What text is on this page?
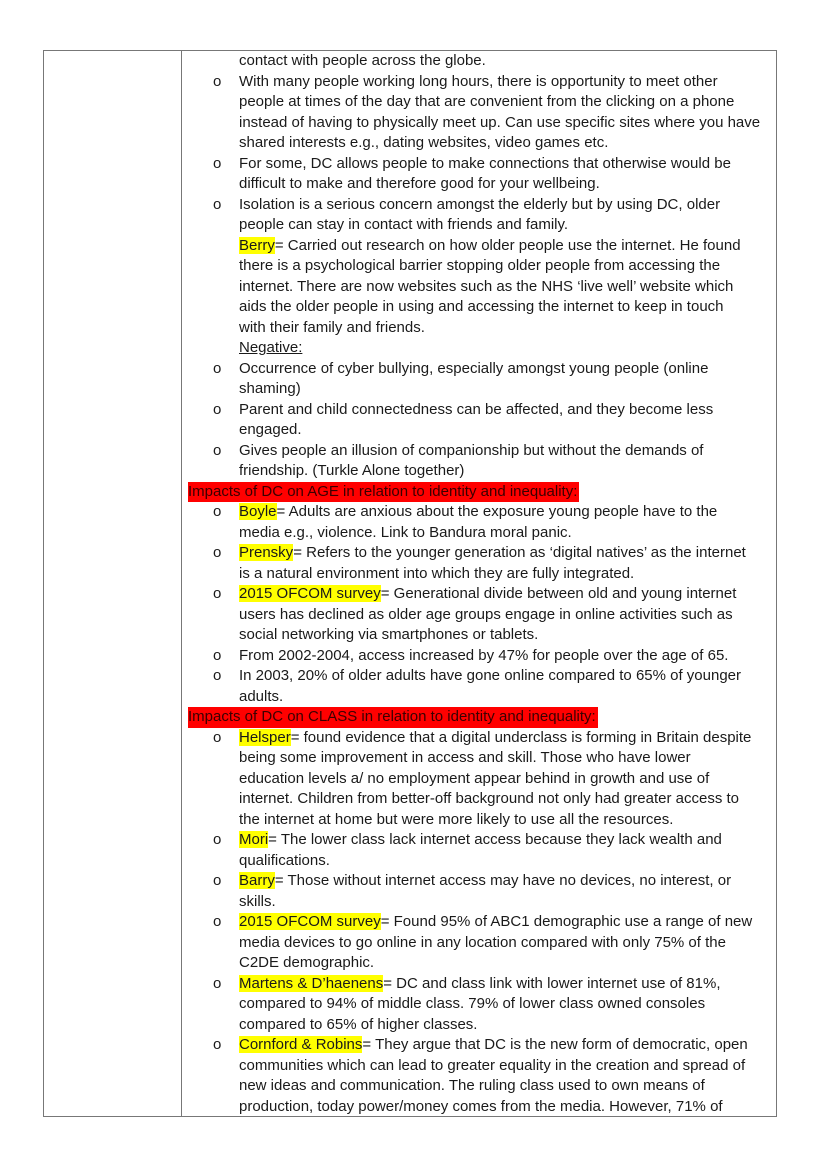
contact with people across the globe.
o With many people working long hours, there is opportunity to meet other
people at times of the day that are convenient from the clicking on a phone
instead of having to physically meet up. Can use specific sites where you have
shared interests e.g., dating websites, video games etc.
o For some, DC allows people to make connections that otherwise would be
difficult to make and therefore good for your wellbeing.
o Isolation is a serious concern amongst the elderly but by using DC, older
people can stay in contact with friends and family.
Berry= Carried out research on how older people use the internet. He found
there is a psychological barrier stopping older people from accessing the
internet. There are now websites such as the NHS ‘live well’ website which
aids the older people in using and accessing the internet to keep in touch
with their family and friends.
Negative:
o Occurrence of cyber bullying, especially amongst young people (online
shaming)
o Parent and child connectedness can be affected, and they become less
engaged.
o Gives people an illusion of companionship but without the demands of
friendship. (Turkle Alone together)
Impacts of DC on AGE in relation to identity and inequality:
o Boyle= Adults are anxious about the exposure young people have to the
media e.g., violence. Link to Bandura moral panic.
o Prensky= Refers to the younger generation as ‘digital natives’ as the internet
is a natural environment into which they are fully integrated.
o 2015 OFCOM survey= Generational divide between old and young internet
users has declined as older age groups engage in online activities such as
social networking via smartphones or tablets.
o From 2002-2004, access increased by 47% for people over the age of 65.
o In 2003, 20% of older adults have gone online compared to 65% of younger
adults.
Impacts of DC on CLASS in relation to identity and inequality:
o Helsper= found evidence that a digital underclass is forming in Britain despite
being some improvement in access and skill. Those who have lower
education levels a/ no employment appear behind in growth and use of
internet. Children from better-off background not only had greater access to
the internet at home but were more likely to use all the resources.
o Mori= The lower class lack internet access because they lack wealth and
qualifications.
o Barry= Those without internet access may have no devices, no interest, or
skills.
o 2015 OFCOM survey= Found 95% of ABC1 demographic use a range of new
media devices to go online in any location compared with only 75% of the
C2DE demographic.
o Martens & D’haenens= DC and class link with lower internet use of 81%,
compared to 94% of middle class. 79% of lower class owned consoles
compared to 65% of higher classes.
o Cornford & Robins= They argue that DC is the new form of democratic, open
communities which can lead to greater equality in the creation and spread of
new ideas and communication. The ruling class used to own means of
production, today power/money comes from the media. However, 71% of
